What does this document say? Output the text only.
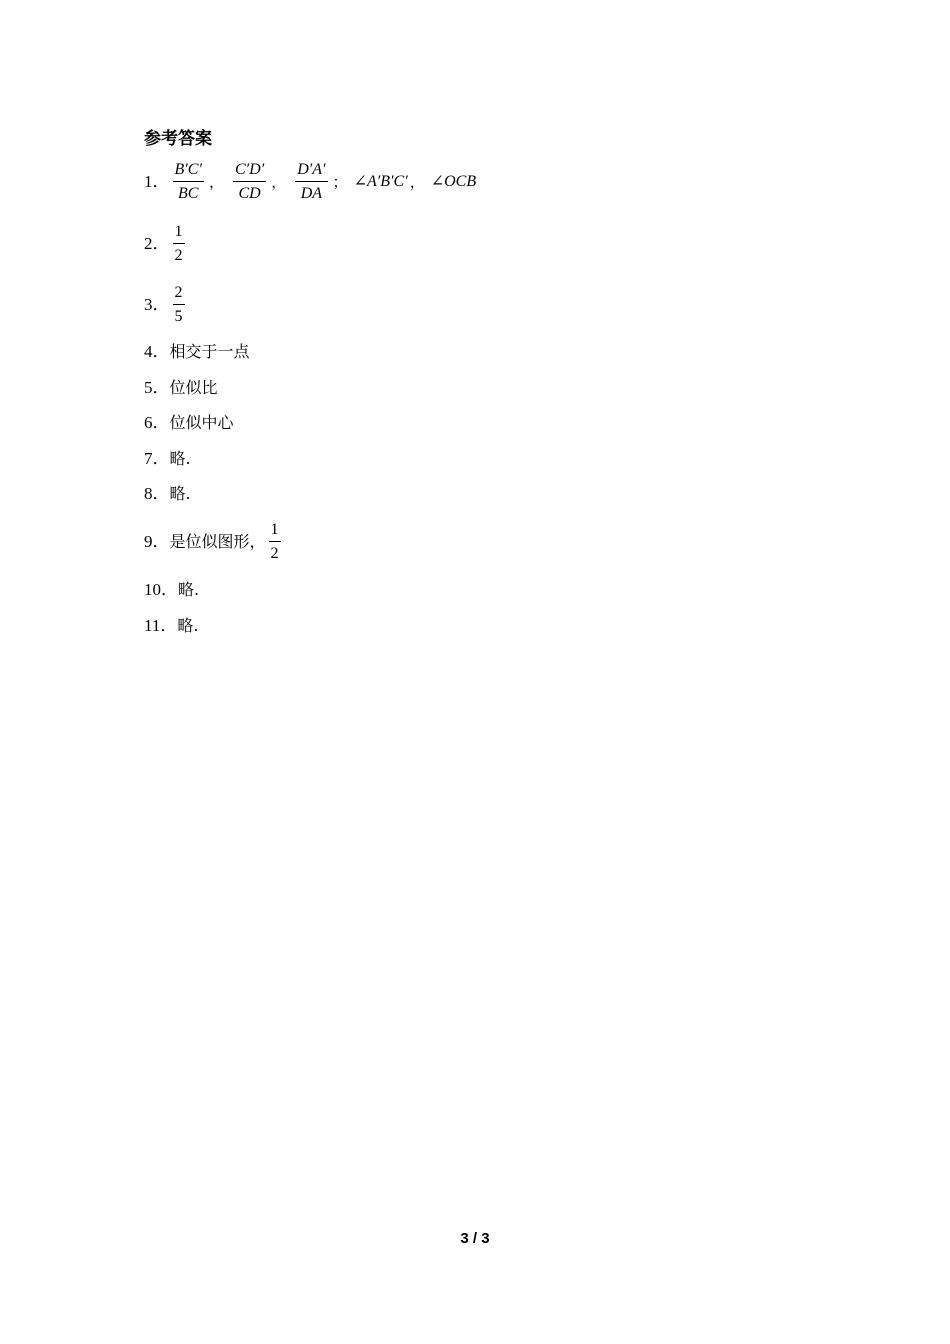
参考答案
1． $\frac{B'C'}{BC}$ ， $\frac{C'D'}{CD}$ ， $\frac{D'A'}{DA}$ ； ∠A′B′C′ ， ∠OCB
2． $\frac{1}{2}$
3． $\frac{2}{5}$
4． 相交于一点
5． 位似比
6． 位似中心
7． 略.
8． 略.
9． 是位似图形， $\frac{1}{2}$
10． 略.
11． 略.
3 / 3
